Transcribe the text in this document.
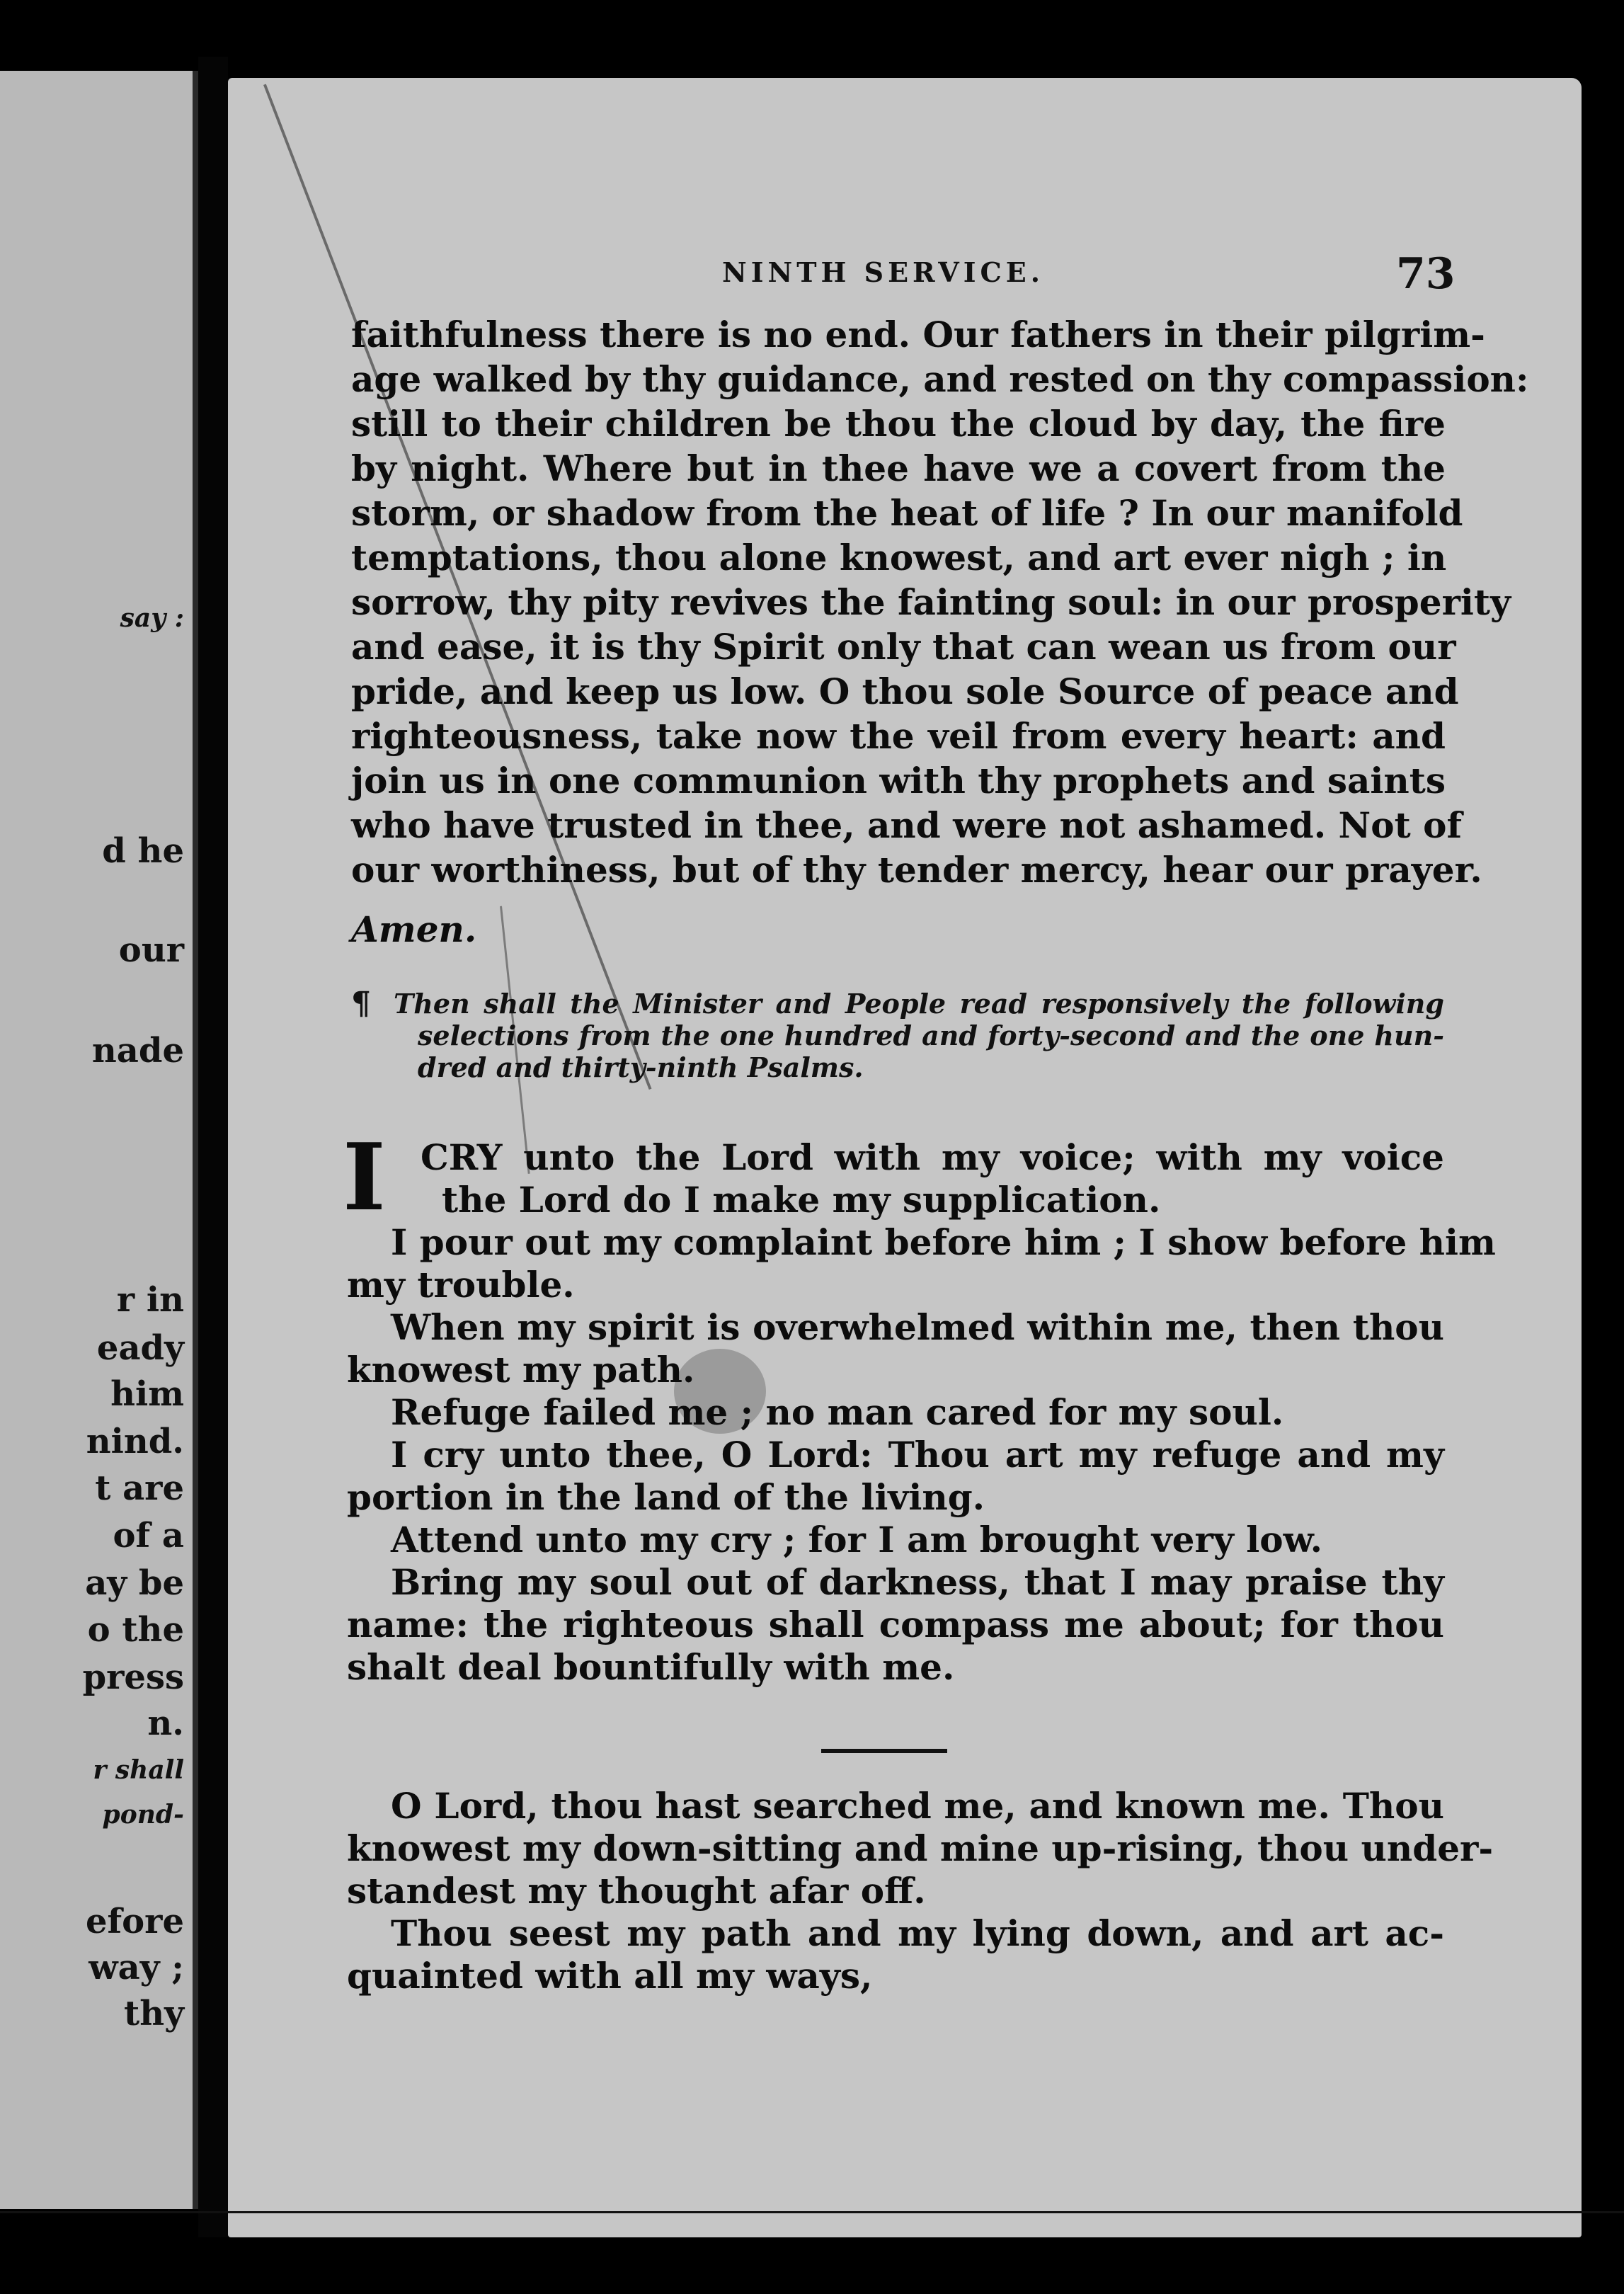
say :
d he
our
nade
r in
eady
him
nind.
t are
of a
ay be
o the
press
n.
r shall
pond-
efore
way ;
thy
NINTH SERVICE.	73
faithfulness there is no end. Our fathers in their pilgrim-
age walked by thy guidance, and rested on thy compassion:
still to their children be thou the cloud by day, the fire
by night. Where but in thee have we a covert from the
storm, or shadow from the heat of life ? In our manifold
temptations, thou alone knowest, and art ever nigh ; in
sorrow, thy pity revives the fainting soul: in our prosperity
and ease, it is thy Spirit only that can wean us from our
pride, and keep us low. O thou sole Source of peace and
righteousness, take now the veil from every heart: and
join us in one communion with thy prophets and saints
who have trusted in thee, and were not ashamed. Not of
our worthiness, but of thy tender mercy, hear our prayer.
Amen.
¶ Then shall the Minister and People read responsively the following
selections from the one hundred and forty-second and the one hun-
dred and thirty-ninth Psalms.
I CRY unto the Lord with my voice; with my voice
the Lord do I make my supplication.
I pour out my complaint before him ; I show before him
my trouble.
When my spirit is overwhelmed within me, then thou
knowest my path.
Refuge failed me ; no man cared for my soul.
I cry unto thee, O Lord: Thou art my refuge and my
portion in the land of the living.
Attend unto my cry ; for I am brought very low.
Bring my soul out of darkness, that I may praise thy
name: the righteous shall compass me about; for thou
shalt deal bountifully with me.
O Lord, thou hast searched me, and known me. Thou
knowest my down-sitting and mine up-rising, thou under-
standest my thought afar off.
Thou seest my path and my lying down, and art ac-
quainted with all my ways,
